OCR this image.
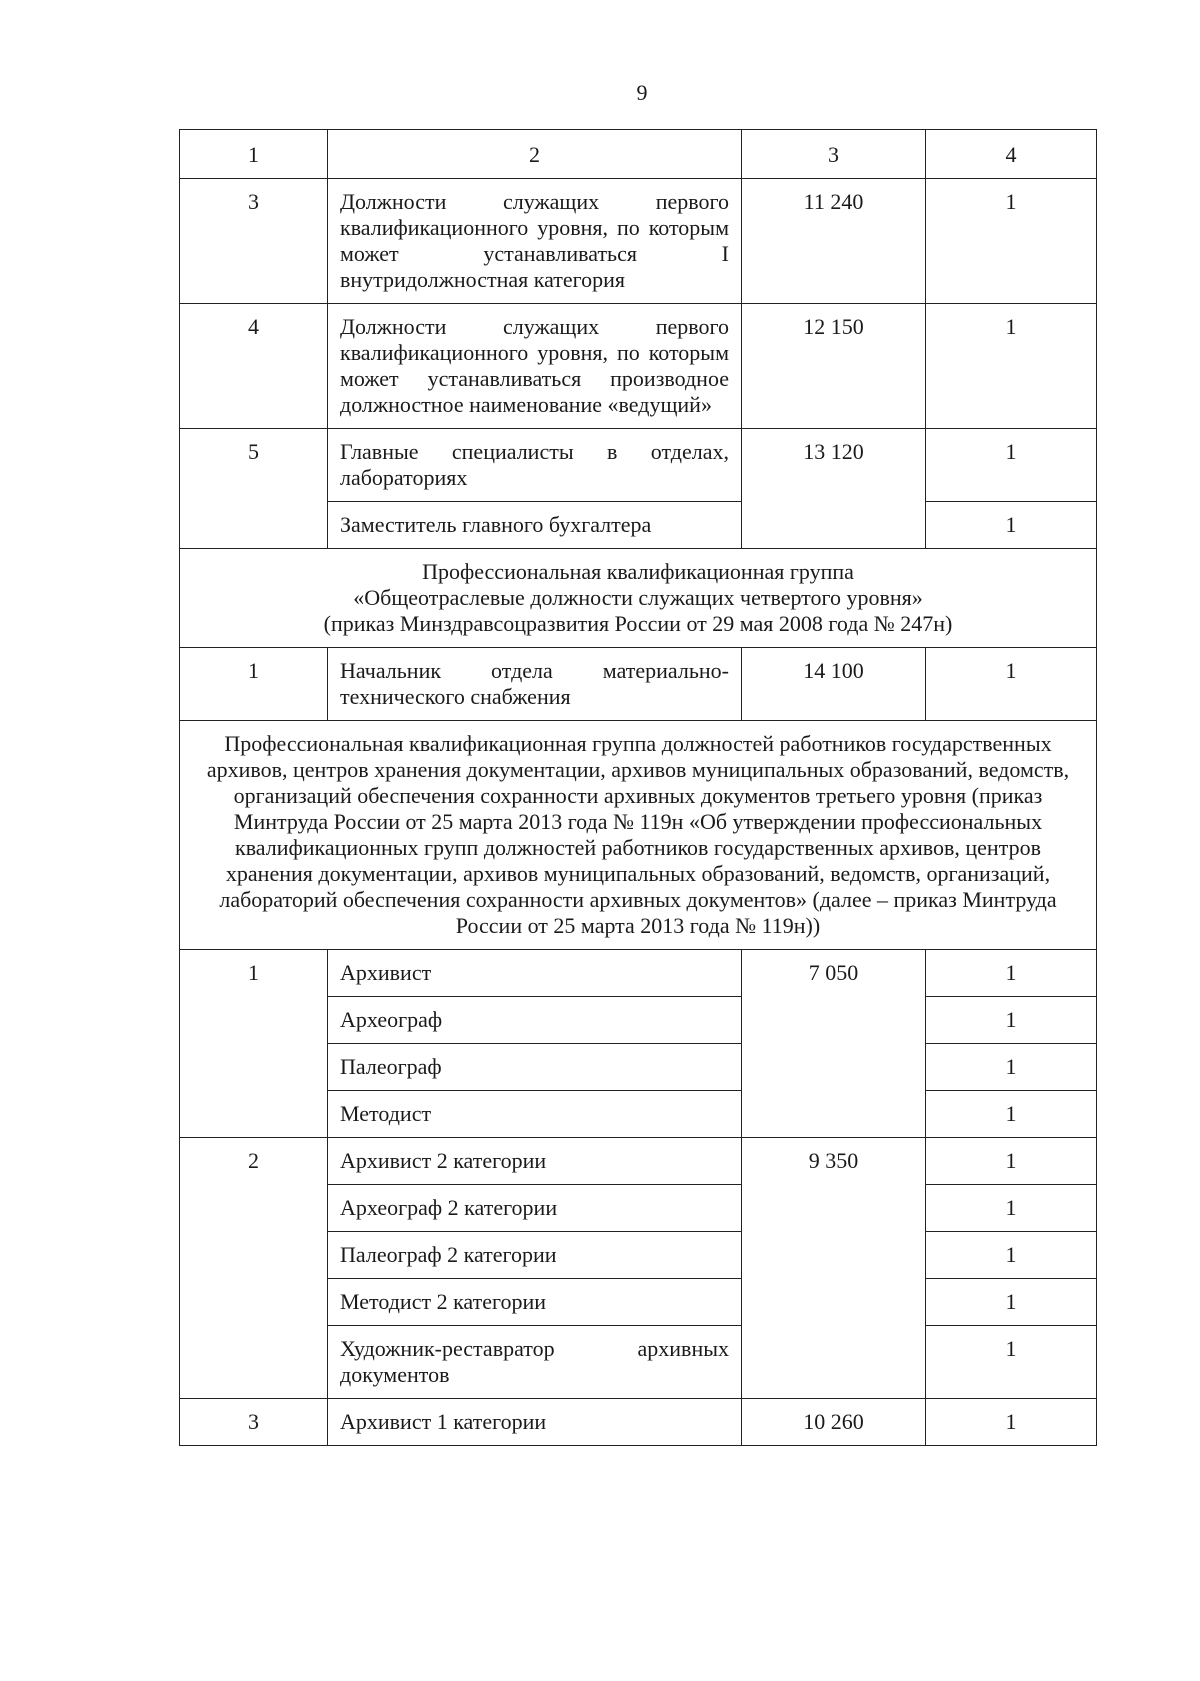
9
1	2	3	4
3	Должности служащих первого квалификационного уровня, по которым может устанавливаться I внутридолжностная категория	11 240	1
4	Должности служащих первого квалификационного уровня, по которым может устанавливаться производное должностное наименование «ведущий»	12 150	1
5	Главные специалисты в отделах, лабораториях	13 120	1
	Заместитель главного бухгалтера		1

Профессиональная квалификационная группа
«Общеотраслевые должности служащих четвертого уровня»
(приказ Минздравсоцразвития России от 29 мая 2008 года № 247н)			

1	Начальник отдела материально-технического снабжения	14 100	1
Профессиональная квалификационная группа должностей работников государственных архивов, центров хранения документации, архивов муниципальных образований, ведомств, организаций обеспечения сохранности архивных документов третьего уровня (приказ Минтруда России от 25 марта 2013 года № 119н «Об утверждении профессиональных квалификационных групп должностей работников государственных архивов, центров хранения документации, архивов муниципальных образований, ведомств, организаций, лабораторий обеспечения сохранности архивных документов» (далее – приказ Минтруда России от 25 марта 2013 года № 119н))			
1	Архивист	7 050	1
	Археограф		1
	Палеограф		1
	Методист		1
2	Архивист 2 категории	9 350	1
	Археограф 2 категории		1
	Палеограф 2 категории		1
	Методист 2 категории		1
	Художник-реставратор архивных документов		1
3	Архивист 1 категории	10 260	1
